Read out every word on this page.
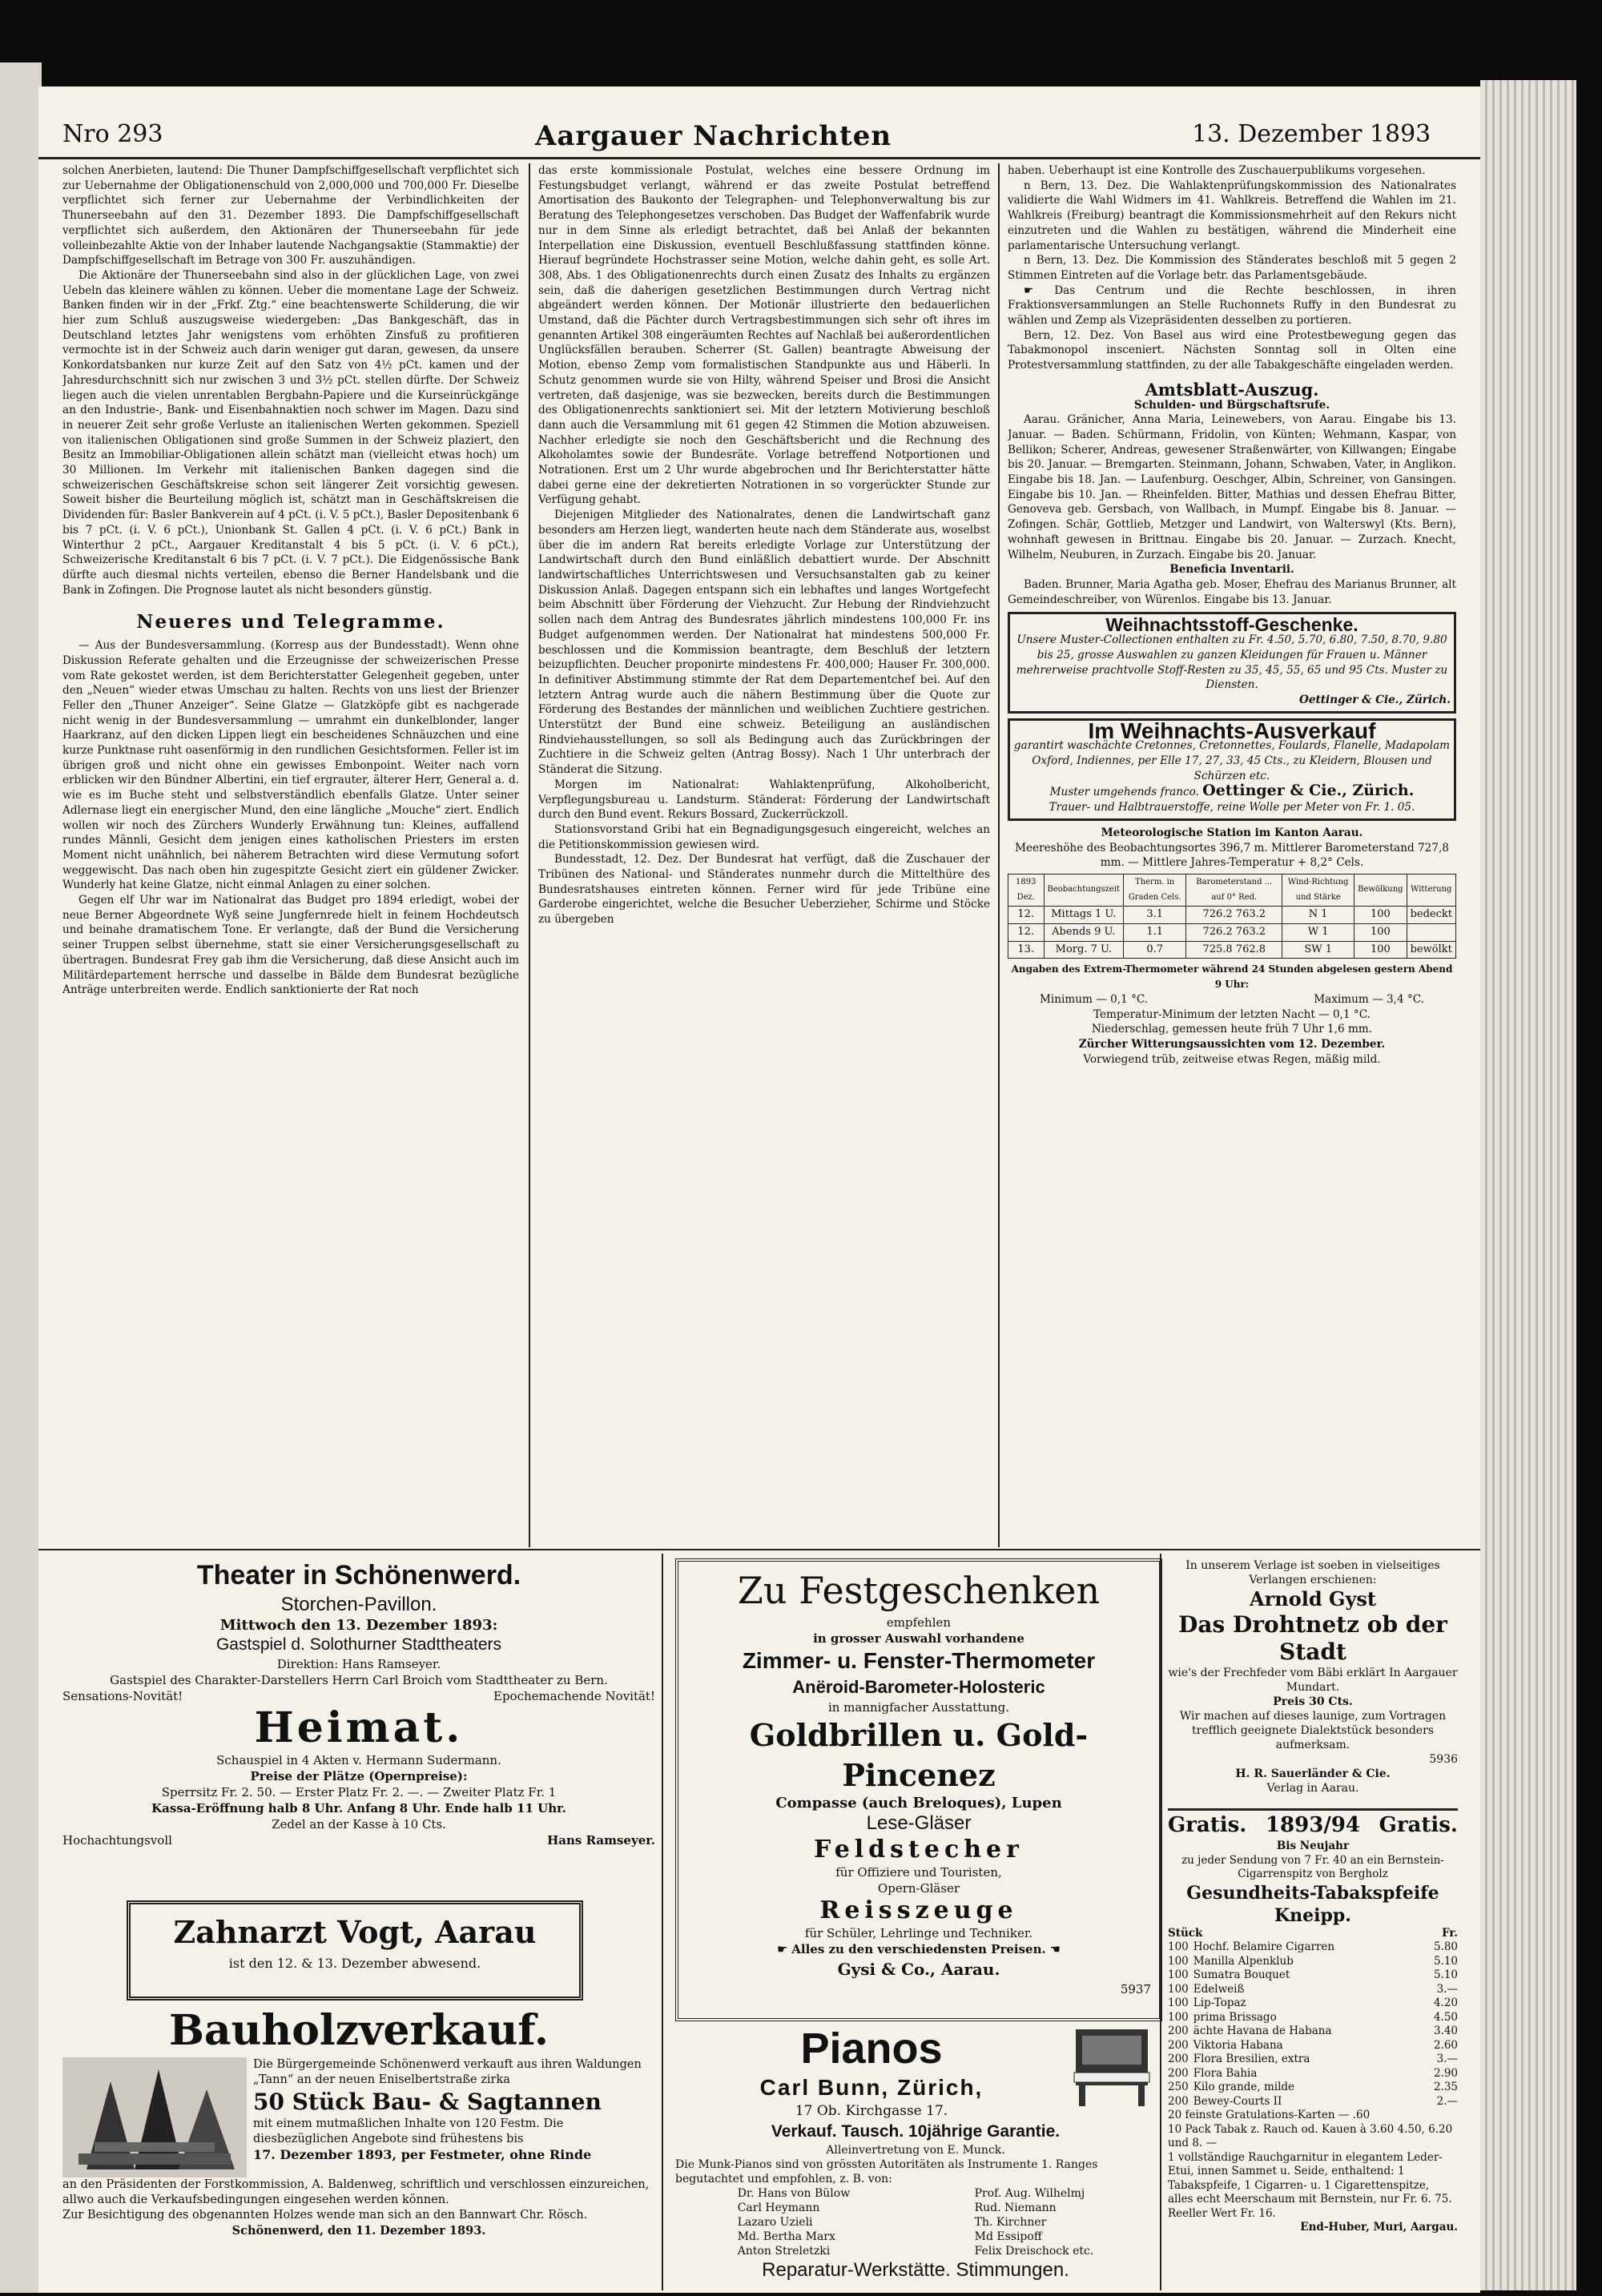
Nro 293	Aargauer Nachrichten	13. Dezember 1893

solchen Anerbieten, lautend: Die Thuner Dampfschiffgesellschaft verpflichtet sich zur Uebernahme der Obligationenschuld von 2,000,000 und 700,000 Fr. Dieselbe verpflichtet sich ferner zur Uebernahme der Verbindlichkeiten der Thunerseebahn auf den 31. Dezember 1893. Die Dampfschiffgesellschaft verpflichtet sich außerdem, den Aktionären der Thunerseebahn für jede volleinbezahlte Aktie von der Inhaber lautende Nachgangsaktie (Stammaktie) der Dampfschiffgesellschaft im Betrage von 300 Fr. auszuhändigen.

Die Aktionäre der Thunerseebahn sind also in der glücklichen Lage, von zwei Uebeln das kleinere wählen zu können. Ueber die momentane Lage der Schweiz. Banken finden wir in der „Frkf. Ztg.“ eine beachtenswerte Schilderung, die wir hier zum Schluß auszugsweise wiedergeben: „Das Bankgeschäft, das in Deutschland letztes Jahr wenigstens vom erhöhten Zinsfuß zu profitieren vermochte ist in der Schweiz auch darin weniger gut daran, gewesen, da unsere Konkordatsbanken nur kurze Zeit auf den Satz von 4½ pCt. kamen und der Jahresdurchschnitt sich nur zwischen 3 und 3½ pCt. stellen dürfte. Der Schweiz liegen auch die vielen unrentablen Bergbahn-Papiere und die Kurseinrückgänge an den Industrie-, Bank- und Eisenbahnaktien noch schwer im Magen. Dazu sind in neuerer Zeit sehr große Verluste an italienischen Werten gekommen. Speziell von italienischen Obligationen sind große Summen in der Schweiz plaziert, den Besitz an Immobiliar-Obligationen allein schätzt man (vielleicht etwas hoch) um 30 Millionen. Im Verkehr mit italienischen Banken dagegen sind die schweizerischen Geschäftskreise schon seit längerer Zeit vorsichtig gewesen. Soweit bisher die Beurteilung möglich ist, schätzt man in Geschäftskreisen die Dividenden für: Basler Bankverein auf 4 pCt. (i. V. 5 pCt.), Basler Depositenbank 6 bis 7 pCt. (i. V. 6 pCt.), Unionbank St. Gallen 4 pCt. (i. V. 6 pCt.) Bank in Winterthur 2 pCt., Aargauer Kreditanstalt 4 bis 5 pCt. (i. V. 6 pCt.), Schweizerische Kreditanstalt 6 bis 7 pCt. (i. V. 7 pCt.). Die Eidgenössische Bank dürfte auch diesmal nichts verteilen, ebenso die Berner Handelsbank und die Bank in Zofingen. Die Prognose lautet als nicht besonders günstig.

Neueres und Telegramme.

— Aus der Bundesversammlung. (Korresp aus der Bundesstadt). Wenn ohne Diskussion Referate gehalten und die Erzeugnisse der schweizerischen Presse vom Rate gekostet werden, ist dem Berichterstatter Gelegenheit gegeben, unter den „Neuen“ wieder etwas Umschau zu halten. Rechts von uns liest der Brienzer Feller den „Thuner Anzeiger“. Seine Glatze — Glatzköpfe gibt es nachgerade nicht wenig in der Bundesversammlung — umrahmt ein dunkelblonder, langer Haarkranz, auf den dicken Lippen liegt ein bescheidenes Schnäuzchen und eine kurze Punktnase ruht oasenförmig in den rundlichen Gesichtsformen. Feller ist im übrigen groß und nicht ohne ein gewisses Embonpoint. Weiter nach vorn erblicken wir den Bündner Albertini, ein tief ergrauter, älterer Herr, General a. d. wie es im Buche steht und selbstverständlich ebenfalls Glatze. Unter seiner Adlernase liegt ein energischer Mund, den eine längliche „Mouche“ ziert. Endlich wollen wir noch des Zürchers Wunderly Erwähnung tun: Kleines, auffallend rundes Männli, Gesicht dem jenigen eines katholischen Priesters im ersten Moment nicht unähnlich, bei näherem Betrachten wird diese Vermutung sofort weggewischt. Das nach oben hin zugespitzte Gesicht ziert ein güldener Zwicker. Wunderly hat keine Glatze, nicht einmal Anlagen zu einer solchen.

Gegen elf Uhr war im Nationalrat das Budget pro 1894 erledigt, wobei der neue Berner Abgeordnete Wyß seine Jungfernrede hielt in feinem Hochdeutsch und beinahe dramatischem Tone. Er verlangte, daß der Bund die Versicherung seiner Truppen selbst übernehme, statt sie einer Versicherungsgesellschaft zu übertragen. Bundesrat Frey gab ihm die Versicherung, daß diese Ansicht auch im Militärdepartement herrsche und dasselbe in Bälde dem Bundesrat bezügliche Anträge unterbreiten werde. Endlich sanktionierte der Rat noch

das erste kommissionale Postulat, welches eine bessere Ordnung im Festungsbudget verlangt, während er das zweite Postulat betreffend Amortisation des Baukonto der Telegraphen- und Telephonverwaltung bis zur Beratung des Telephongesetzes verschoben. Das Budget der Waffenfabrik wurde nur in dem Sinne als erledigt betrachtet, daß bei Anlaß der bekannten Interpellation eine Diskussion, eventuell Beschlußfassung stattfinden könne. Hierauf begründete Hochstrasser seine Motion, welche dahin geht, es solle Art. 308, Abs. 1 des Obligationenrechts durch einen Zusatz des Inhalts zu ergänzen sein, daß die daherigen gesetzlichen Bestimmungen durch Vertrag nicht abgeändert werden können. Der Motionär illustrierte den bedauerlichen Umstand, daß die Pächter durch Vertragsbestimmungen sich sehr oft ihres im genannten Artikel 308 eingeräumten Rechtes auf Nachlaß bei außerordentlichen Unglücksfällen berauben. Scherrer (St. Gallen) beantragte Abweisung der Motion, ebenso Zemp vom formalistischen Standpunkte aus und Häberli. In Schutz genommen wurde sie von Hilty, während Speiser und Brosi die Ansicht vertreten, daß dasjenige, was sie bezwecken, bereits durch die Bestimmungen des Obligationenrechts sanktioniert sei. Mit der letztern Motivierung beschloß dann auch die Versammlung mit 61 gegen 42 Stimmen die Motion abzuweisen. Nachher erledigte sie noch den Geschäftsbericht und die Rechnung des Alkoholamtes sowie der Bundesräte. Vorlage betreffend Notportionen und Notrationen. Erst um 2 Uhr wurde abgebrochen und Ihr Berichterstatter hätte dabei gerne eine der dekretierten Notrationen in so vorgerückter Stunde zur Verfügung gehabt.

Diejenigen Mitglieder des Nationalrates, denen die Landwirtschaft ganz besonders am Herzen liegt, wanderten heute nach dem Ständerate aus, woselbst über die im andern Rat bereits erledigte Vorlage zur Unterstützung der Landwirtschaft durch den Bund einläßlich debattiert wurde. Der Abschnitt landwirtschaftliches Unterrichtswesen und Versuchsanstalten gab zu keiner Diskussion Anlaß. Dagegen entspann sich ein lebhaftes und langes Wortgefecht beim Abschnitt über Förderung der Viehzucht. Zur Hebung der Rindviehzucht sollen nach dem Antrag des Bundesrates jährlich mindestens 100,000 Fr. ins Budget aufgenommen werden. Der Nationalrat hat mindestens 500,000 Fr. beschlossen und die Kommission beantragte, dem Beschluß der letztern beizupflichten. Deucher proponirte mindestens Fr. 400,000; Hauser Fr. 300,000. In definitiver Abstimmung stimmte der Rat dem Departementchef bei. Auf den letztern Antrag wurde auch die nähern Bestimmung über die Quote zur Förderung des Bestandes der männlichen und weiblichen Zuchtiere gestrichen. Unterstützt der Bund eine schweiz. Beteiligung an ausländischen Rindviehausstellungen, so soll als Bedingung auch das Zurückbringen der Zuchtiere in die Schweiz gelten (Antrag Bossy). Nach 1 Uhr unterbrach der Ständerat die Sitzung.

Morgen im Nationalrat: Wahlaktenprüfung, Alkoholbericht, Verpflegungsbureau u. Landsturm. Ständerat: Förderung der Landwirtschaft durch den Bund event. Rekurs Bossard, Zuckerrückzoll.

Stationsvorstand Gribi hat ein Begnadigungsgesuch eingereicht, welches an die Petitionskommission gewiesen wird.

Bundesstadt, 12. Dez. Der Bundesrat hat verfügt, daß die Zuschauer der Tribünen des National- und Ständerates nunmehr durch die Mittelthüre des Bundesratshauses eintreten können. Ferner wird für jede Tribüne eine Garderobe eingerichtet, welche die Besucher Ueberzieher, Schirme und Stöcke zu übergeben

haben. Ueberhaupt ist eine Kontrolle des Zuschauerpublikums vorgesehen.

n Bern, 13. Dez. Die Wahlaktenprüfungskommission des Nationalrates validierte die Wahl Widmers im 41. Wahlkreis. Betreffend die Wahlen im 21. Wahlkreis (Freiburg) beantragt die Kommissionsmehrheit auf den Rekurs nicht einzutreten und die Wahlen zu bestätigen, während die Minderheit eine parlamentarische Untersuchung verlangt.

n Bern, 13. Dez. Die Kommission des Ständerates beschloß mit 5 gegen 2 Stimmen Eintreten auf die Vorlage betr. das Parlamentsgebäude.

☛ Das Centrum und die Rechte beschlossen, in ihren Fraktionsversammlungen an Stelle Ruchonnets Ruffy in den Bundesrat zu wählen und Zemp als Vizepräsidenten desselben zu portieren.

Bern, 12. Dez. Von Basel aus wird eine Protestbewegung gegen das Tabakmonopol insceniert. Nächsten Sonntag soll in Olten eine Protestversammlung stattfinden, zu der alle Tabakgeschäfte eingeladen werden.

Amtsblatt-Auszug.
Schulden- und Bürgschaftsrufe.

Aarau. Gränicher, Anna Maria, Leinewebers, von Aarau. Eingabe bis 13. Januar. — Baden. Schürmann, Fridolin, von Künten; Wehmann, Kaspar, von Bellikon; Scherer, Andreas, gewesener Straßenwärter, von Killwangen; Eingabe bis 20. Januar. — Bremgarten. Steinmann, Johann, Schwaben, Vater, in Anglikon. Eingabe bis 18. Jan. — Laufenburg. Oeschger, Albin, Schreiner, von Gansingen. Eingabe bis 10. Jan. — Rheinfelden. Bitter, Mathias und dessen Ehefrau Bitter, Genoveva geb. Gersbach, von Wallbach, in Mumpf. Eingabe bis 8. Januar. — Zofingen. Schär, Gottlieb, Metzger und Landwirt, von Walterswyl (Kts. Bern), wohnhaft gewesen in Brittnau. Eingabe bis 20. Januar. — Zurzach. Knecht, Wilhelm, Neuburen, in Zurzach. Eingabe bis 20. Januar.

Beneficia Inventarii.

Baden. Brunner, Maria Agatha geb. Moser, Ehefrau des Marianus Brunner, alt Gemeindeschreiber, von Würenlos. Eingabe bis 13. Januar.

Weihnachtsstoff-Geschenke.
Unsere Muster-Collectionen enthalten zu Fr. 4.50, 5.70, 6.80, 7.50, 8.70, 9.80 bis 25, grosse Auswahlen zu ganzen Kleidungen für Frauen u. Männer mehrerweise prachtvolle Stoff-Resten zu 35, 45, 55, 65 und 95 Cts. Muster zu Diensten.
Oettinger & Cie., Zürich.
Im Weihnachts-Ausverkauf
garantirt waschächte Cretonnes, Cretonnettes, Foulards, Flanelle, Madapolam Oxford, Indiennes, per Elle 17, 27, 33, 45 Cts., zu Kleidern, Blousen und Schürzen etc.
Muster umgehends franco. Oettinger & Cie., Zürich.
Trauer- und Halbtrauerstoffe, reine Wolle per Meter von Fr. 1. 05.
Meteorologische Station im Kanton Aarau.
Meereshöhe des Beobachtungsortes 396,7 m. Mittlerer Barometerstand 727,8 mm. — Mittlere Jahres-Temperatur + 8,2° Cels.
1893 Dez.	Beobachtungszeit	Therm. in Graden Cels.	Barometerstand ... auf 0° Red.	Wind-Richtung und Stärke	Bewölkung	Witterung
12.	Mittags 1 U.	3.1	726.2 763.2	N 1	100	bedeckt
12.	Abends 9 U.	1.1	726.2 763.2	W 1	100	
13.	Morg. 7 U.	0.7	725.8 762.8	SW 1	100	bewölkt
Angaben des Extrem-Thermometer während 24 Stunden abgelesen gestern Abend 9 Uhr:
Minimum — 0,1 °C.	Maximum — 3,4 °C.
Temperatur-Minimum der letzten Nacht — 0,1 °C.
Niederschlag, gemessen heute früh 7 Uhr 1,6 mm.
Zürcher Witterungsaussichten vom 12. Dezember.
Vorwiegend trüb, zeitweise etwas Regen, mäßig mild.
Theater in Schönenwerd.
Storchen-Pavillon.
Mittwoch den 13. Dezember 1893:
Gastspiel d. Solothurner Stadttheaters
Direktion: Hans Ramseyer.
Gastspiel des Charakter-Darstellers Herrn Carl Broich vom Stadttheater zu Bern.
Sensations-Novität!	Epochemachende Novität!
Heimat.
Schauspiel in 4 Akten v. Hermann Sudermann.
Preise der Plätze (Opernpreise):
Sperrsitz Fr. 2. 50. — Erster Platz Fr. 2. —. — Zweiter Platz Fr. 1
Kassa-Eröffnung halb 8 Uhr. Anfang 8 Uhr. Ende halb 11 Uhr.
Zedel an der Kasse à 10 Cts.
Hochachtungsvoll	Hans Ramseyer.
Zahnarzt Vogt, Aarau
ist den 12. & 13. Dezember abwesend.
Bauholzverkauf.
Die Bürgergemeinde Schönenwerd verkauft aus ihren Waldungen „Tann“ an der neuen Eniselbertstraße zirka
50 Stück Bau- & Sagtannen
mit einem mutmaßlichen Inhalte von 120 Festm. Die diesbezüglichen Angebote sind frühestens bis
17. Dezember 1893, per Festmeter, ohne Rinde
an den Präsidenten der Forstkommission, A. Baldenweg, schriftlich und verschlossen einzureichen, allwo auch die Verkaufsbedingungen eingesehen werden können.
Zur Besichtigung des obgenannten Holzes wende man sich an den Bannwart Chr. Rösch.
Schönenwerd, den 11. Dezember 1893.
Zu Festgeschenken
empfehlen
in grosser Auswahl vorhandene
Zimmer- u. Fenster-Thermometer
Anëroid-Barometer-Holosteric
in mannigfacher Ausstattung.
Goldbrillen u. Gold-Pincenez
Compasse (auch Breloques), Lupen
Lese-Gläser
Feldstecher
für Offiziere und Touristen,
Opern-Gläser
Reisszeuge
für Schüler, Lehrlinge und Techniker.
☛ Alles zu den verschiedensten Preisen. ☚
Gysi & Co., Aarau.
5937
Pianos
Carl Bunn, Zürich,
17 Ob. Kirchgasse 17.
Verkauf. Tausch. 10jährige Garantie.
Alleinvertretung von E. Munck.
Die Munk-Pianos sind von grössten Autoritäten als Instrumente 1. Ranges begutachtet und empfohlen, z. B. von:
Dr. Hans von Bülow
Carl Heymann
Lazaro Uzieli
Md. Bertha Marx
Anton Streletzki
Prof. Aug. Wilhelmj
Rud. Niemann
Th. Kirchner
Md Essipoff
Felix Dreischock etc.
Reparatur-Werkstätte. Stimmungen.
In unserem Verlage ist soeben in vielseitiges Verlangen erschienen:
Arnold Gyst
Das Drohtnetz ob der Stadt
wie's der Frechfeder vom Bäbi erklärt In Aargauer Mundart.
Preis 30 Cts.
Wir machen auf dieses launige, zum Vortragen trefflich geeignete Dialektstück besonders aufmerksam.
5936
H. R. Sauerländer & Cie.
Verlag in Aarau.
Gratis. 1893/94 Gratis.
Bis Neujahr
zu jeder Sendung von 7 Fr. 40 an ein Bernstein-Cigarrenspitz von Bergholz
Gesundheits-Tabakspfeife Kneipp.
Stück	Fr.
100 Hochf. Belamire Cigarren	5.80
100 Manilla Alpenklub	5.10
100 Sumatra Bouquet	5.10
100 Edelweiß	3.—
100 Lip-Topaz	4.20
100 prima Brissago	4.50
200 ächte Havana de Habana	3.40
200 Viktoria Habana	2.60
200 Flora Bresilien, extra	3.—
200 Flora Bahia	2.90
250 Kilo grande, milde	2.35
200 Bewey-Courts II	2.—
20 feinste Gratulations-Karten — .60
10 Pack Tabak z. Rauch od. Kauen à 3.60 4.50, 6.20 und 8. —
1 vollständige Rauchgarnitur in elegantem Leder-Etui, innen Sammet u. Seide, enthaltend: 1 Tabakspfeife, 1 Cigarren- u. 1 Cigarettenspitze, alles echt Meerschaum mit Bernstein, nur Fr. 6. 75. Reeller Wert Fr. 16.
End-Huber, Muri, Aargau.
